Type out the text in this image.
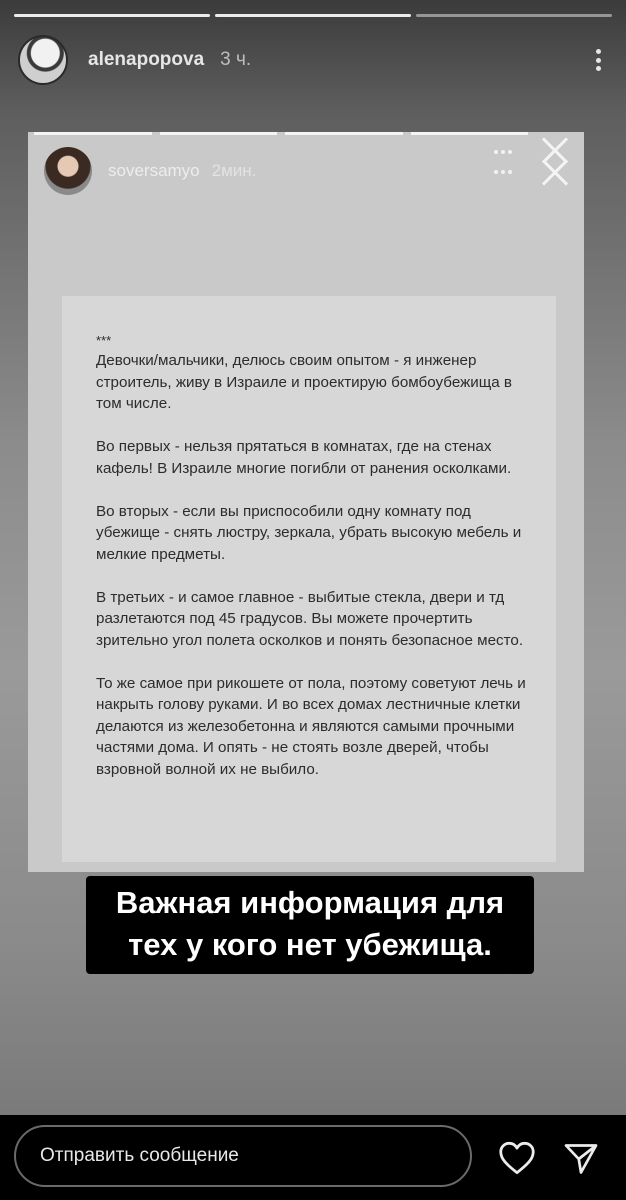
alenapopova 3 ч.
soversamyo 2мин.

***

Девочки/мальчики, делюсь своим опытом - я инженер строитель, живу в Израиле и проектирую бомбоубежища в том числе.

Во первых - нельзя прятаться в комнатах, где на стенах кафель! В Израиле многие погибли от ранения осколками.

Во вторых - если вы приспособили одну комнату под убежище - снять люстру, зеркала, убрать высокую мебель и мелкие предметы.

В третьих - и самое главное - выбитые стекла, двери и тд разлетаются под 45 градусов. Вы можете прочертить зрительно угол полета осколков и понять безопасное место.

То же самое при рикошете от пола, поэтому советуют лечь и накрыть голову руками. И во всех домах лестничные клетки делаются из железобетонна и являются самыми прочными частями дома. И опять - не стоять возле дверей, чтобы взровной волной их не выбило.

Важная информация для
тех у кого нет убежища.
Отправить сообщение
